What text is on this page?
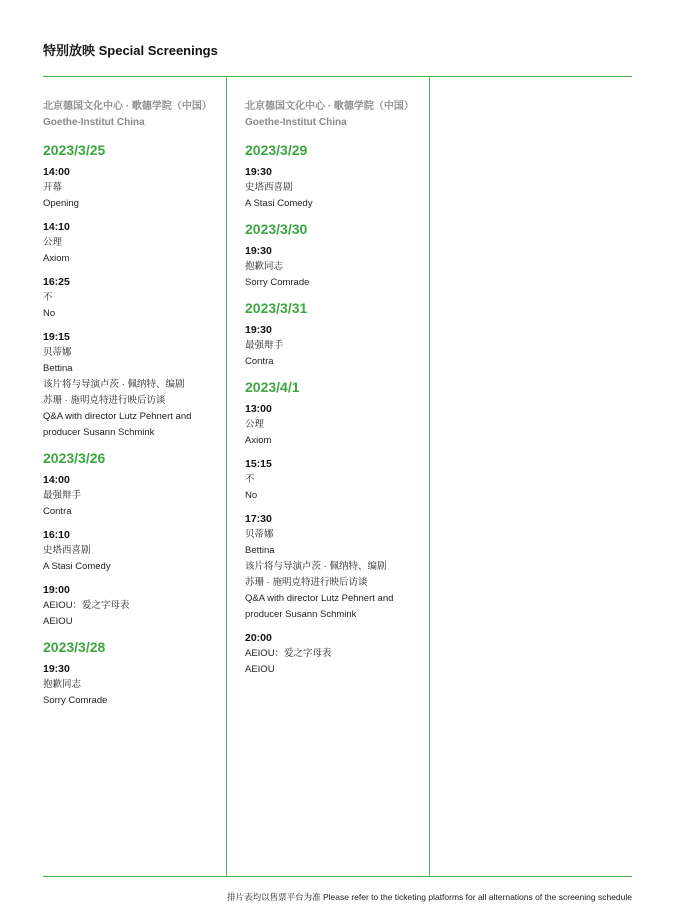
特别放映 Special Screenings
北京德国文化中心 · 歌德学院（中国）
Goethe-Institut China
2023/3/25
14:00
开幕
Opening
14:10
公理
Axiom
16:25
不
No
19:15
贝蒂娜
Bettina
该片将与导演卢茨 · 佩纳特、编剧
苏珊 · 施明克特进行映后访谈
Q&A with director Lutz Pehnert and
producer Susann Schmink
2023/3/26
14:00
最强辩手
Contra
16:10
史塔西喜剧
A Stasi Comedy
19:00
AEIOU：爱之字母表
AEIOU
2023/3/28
19:30
抱歉同志
Sorry Comrade
北京德国文化中心 · 歌德学院（中国）
Goethe-Institut China
2023/3/29
19:30
史塔西喜剧
A Stasi Comedy
2023/3/30
19:30
抱歉同志
Sorry Comrade
2023/3/31
19:30
最强辩手
Contra
2023/4/1
13:00
公理
Axiom
15:15
不
No
17:30
贝蒂娜
Bettina
该片将与导演卢茨 · 佩纳特、编剧
苏珊 · 施明克特进行映后访谈
Q&A with director Lutz Pehnert and
producer Susann Schmink
20:00
AEIOU：爱之字母表
AEIOU
排片表均以售票平台为准 Please refer to the ticketing platforms for all alternations of the screening schedule
